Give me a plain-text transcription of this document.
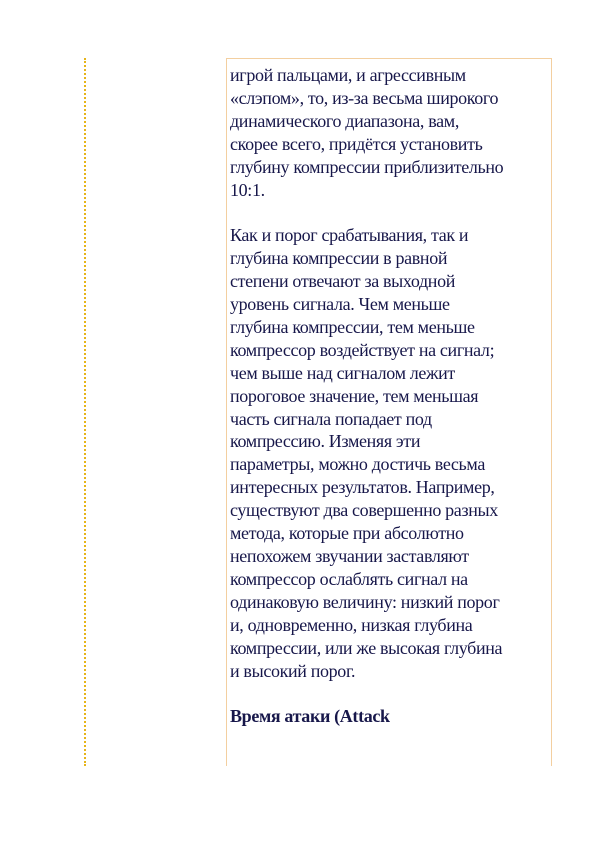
игрой пальцами, и агрессивным
«слэпом», то, из-за весьма широкого
динамического диапазона, вам,
скорее всего, придётся установить
глубину компрессии приблизительно
10:1.

Как и порог срабатывания, так и
глубина компрессии в равной
степени отвечают за выходной
уровень сигнала. Чем меньше
глубина компрессии, тем меньше
компрессор воздействует на сигнал;
чем выше над сигналом лежит
пороговое значение, тем меньшая
часть сигнала попадает под
компрессию. Изменяя эти
параметры, можно достичь весьма
интересных результатов. Например,
существуют два совершенно разных
метода, которые при абсолютно
непохожем звучании заставляют
компрессор ослаблять сигнал на
одинаковую величину: низкий порог
и, одновременно, низкая глубина
компрессии, или же высокая глубина
и высокий порог.

Время атаки (Attack
